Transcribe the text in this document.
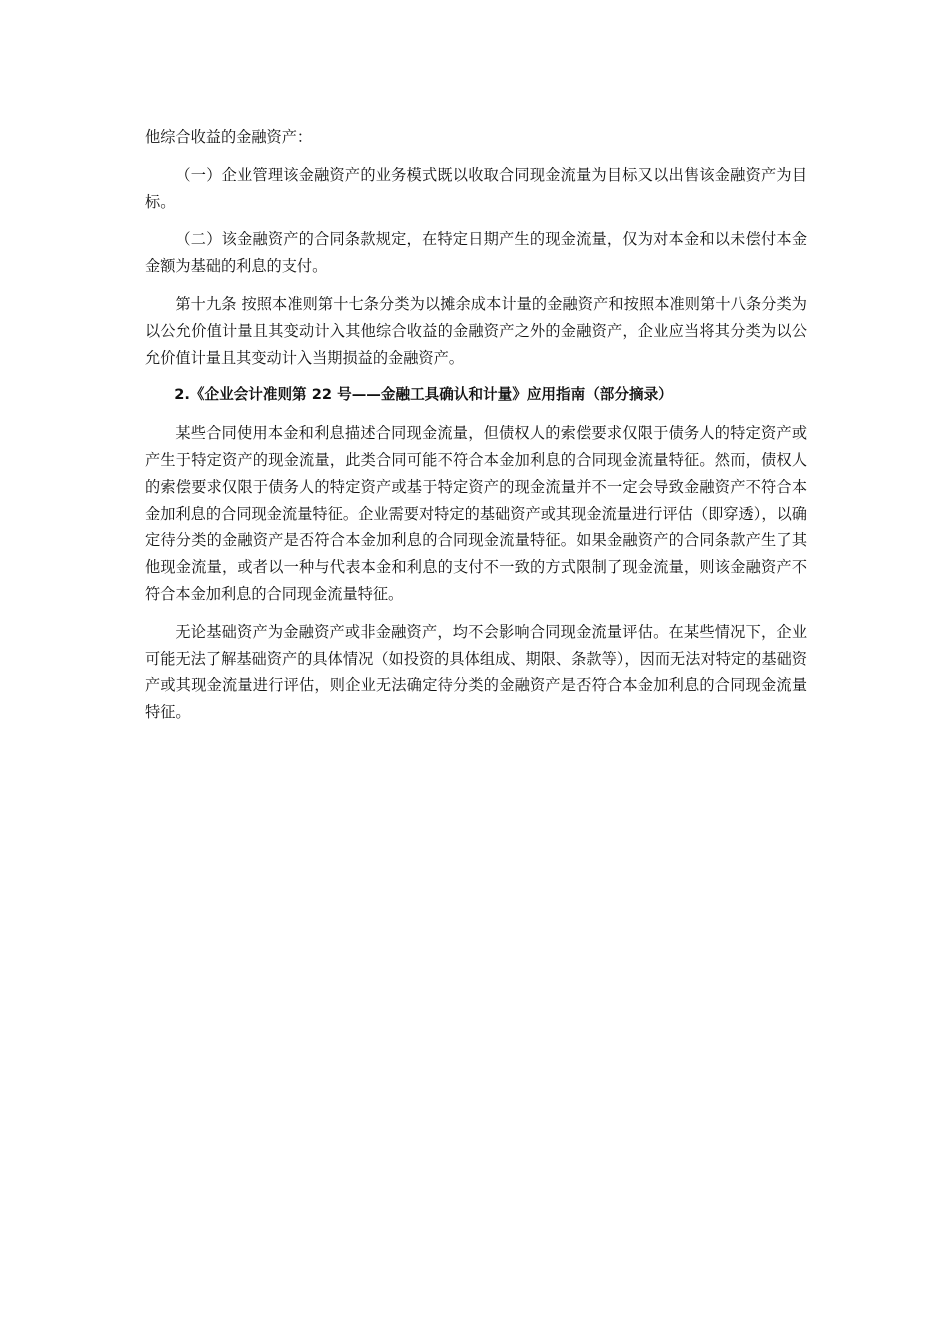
他综合收益的金融资产：

（一）企业管理该金融资产的业务模式既以收取合同现金流量为目标又以出售该金融资产为目标。

（二）该金融资产的合同条款规定，在特定日期产生的现金流量，仅为对本金和以未偿付本金金额为基础的利息的支付。

第十九条 按照本准则第十七条分类为以摊余成本计量的金融资产和按照本准则第十八条分类为以公允价值计量且其变动计入其他综合收益的金融资产之外的金融资产，企业应当将其分类为以公允价值计量且其变动计入当期损益的金融资产。

2.《企业会计准则第 22 号——金融工具确认和计量》应用指南（部分摘录）

某些合同使用本金和利息描述合同现金流量，但债权人的索偿要求仅限于债务人的特定资产或产生于特定资产的现金流量，此类合同可能不符合本金加利息的合同现金流量特征。然而，债权人的索偿要求仅限于债务人的特定资产或基于特定资产的现金流量并不一定会导致金融资产不符合本金加利息的合同现金流量特征。企业需要对特定的基础资产或其现金流量进行评估（即穿透），以确定待分类的金融资产是否符合本金加利息的合同现金流量特征。如果金融资产的合同条款产生了其他现金流量，或者以一种与代表本金和利息的支付不一致的方式限制了现金流量，则该金融资产不符合本金加利息的合同现金流量特征。

无论基础资产为金融资产或非金融资产，均不会影响合同现金流量评估。在某些情况下，企业可能无法了解基础资产的具体情况（如投资的具体组成、期限、条款等），因而无法对特定的基础资产或其现金流量进行评估，则企业无法确定待分类的金融资产是否符合本金加利息的合同现金流量特征。
